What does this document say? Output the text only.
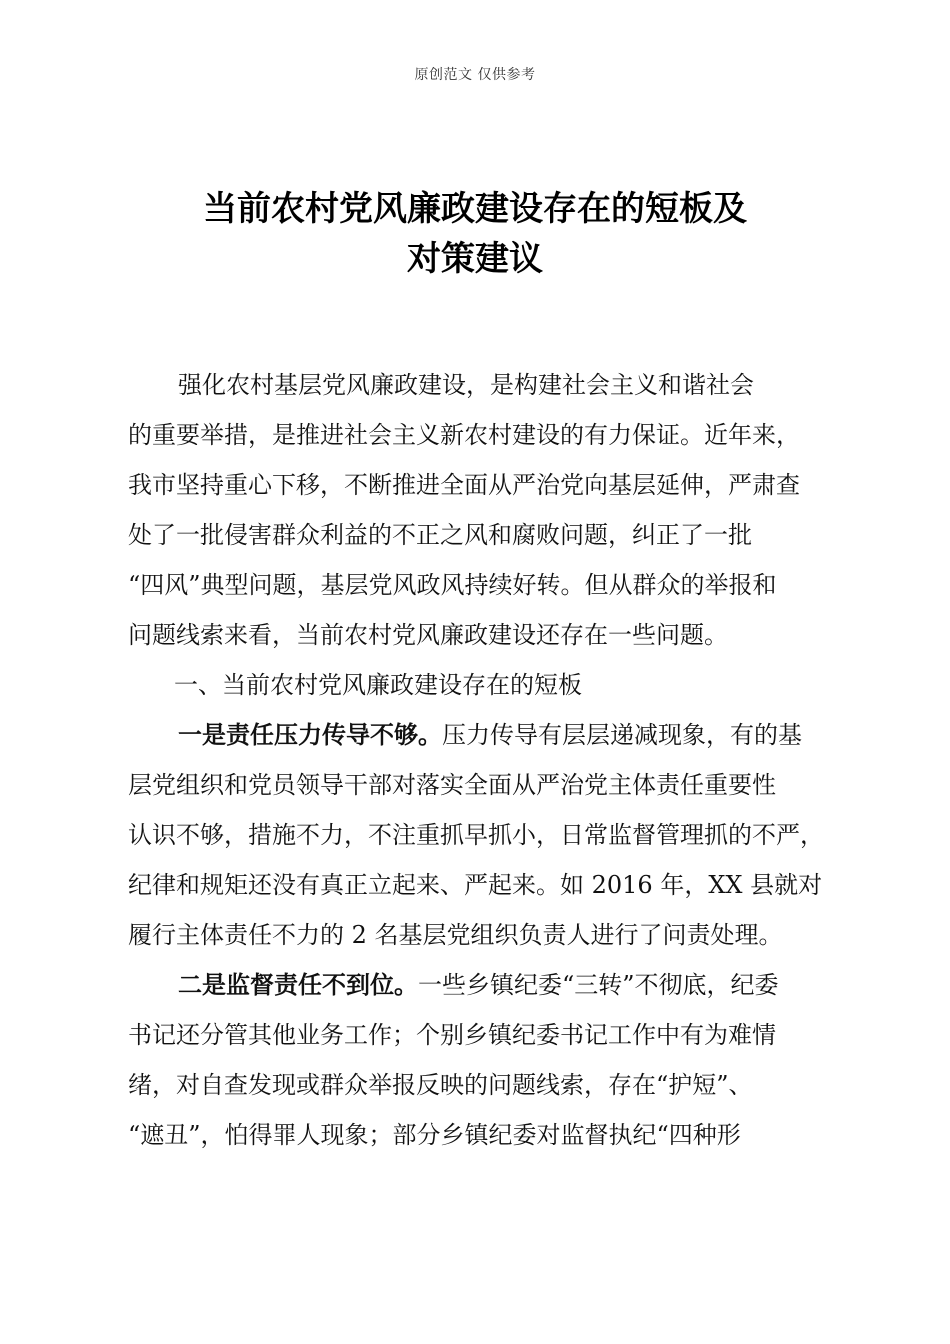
原创范文 仅供参考
当前农村党风廉政建设存在的短板及
对策建议
强化农村基层党风廉政建设，是构建社会主义和谐社会
的重要举措，是推进社会主义新农村建设的有力保证。近年来，
我市坚持重心下移，不断推进全面从严治党向基层延伸，严肃查
处了一批侵害群众利益的不正之风和腐败问题，纠正了一批
“四风”典型问题，基层党风政风持续好转。但从群众的举报和
问题线索来看，当前农村党风廉政建设还存在一些问题。
一、当前农村党风廉政建设存在的短板
一是责任压力传导不够。压力传导有层层递减现象，有的基
层党组织和党员领导干部对落实全面从严治党主体责任重要性
认识不够，措施不力，不注重抓早抓小，日常监督管理抓的不严，
纪律和规矩还没有真正立起来、严起来。如 2016 年，XX 县就对
履行主体责任不力的 2 名基层党组织负责人进行了问责处理。
二是监督责任不到位。一些乡镇纪委“三转”不彻底，纪委
书记还分管其他业务工作；个别乡镇纪委书记工作中有为难情
绪，对自查发现或群众举报反映的问题线索，存在“护短”、
“遮丑”，怕得罪人现象；部分乡镇纪委对监督执纪“四种形
